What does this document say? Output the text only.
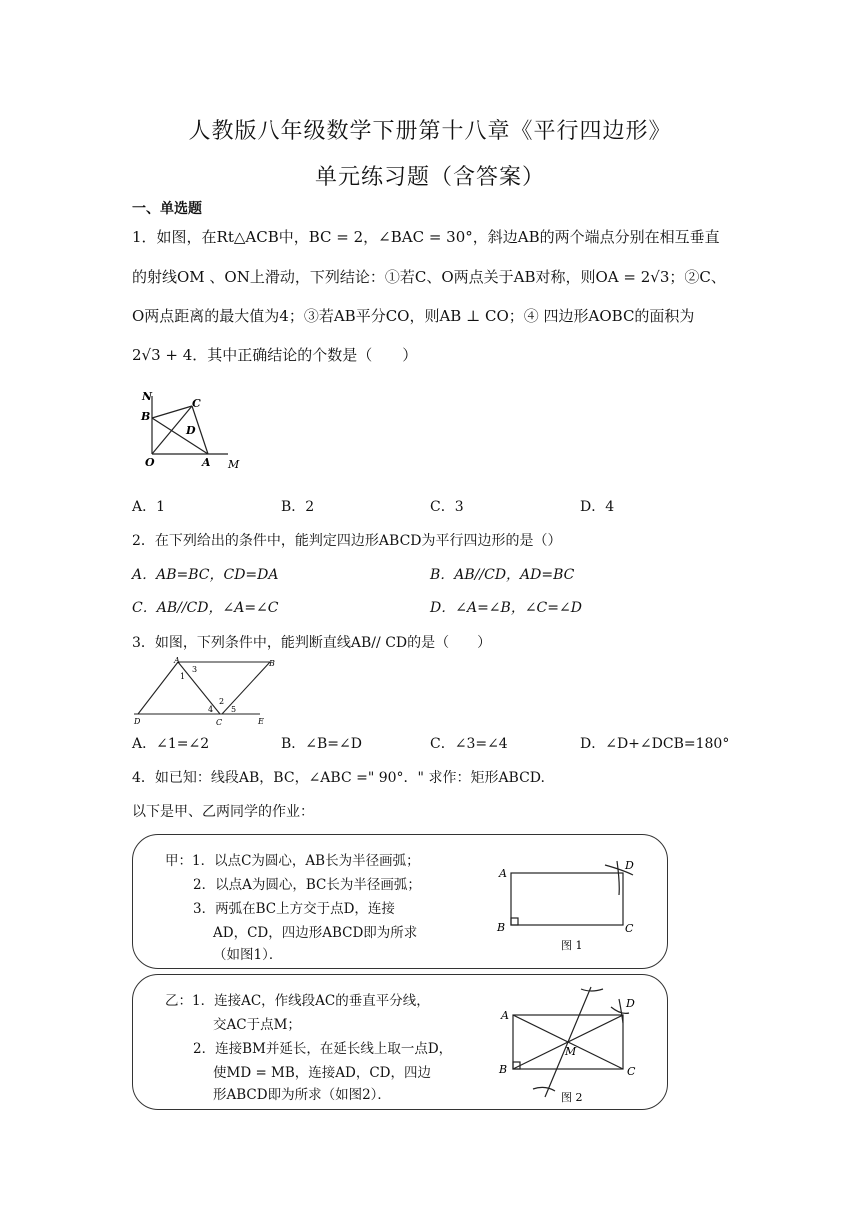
人教版八年级数学下册第十八章《平行四边形》
单元练习题（含答案）
一、单选题
1．如图，在Rt△ACB中，BC = 2，∠BAC = 30°，斜边AB的两个端点分别在相互垂直
的射线OM 、ON上滑动，下列结论：①若C、O两点关于AB对称，则OA = 2√3；②C、
O两点距离的最大值为4；③若AB平分CO，则AB ⊥ CO；④ 四边形AOBC的面积为
2√3 + 4．其中正确结论的个数是（　　）
N
B
C
D
O	A M
A．1	B．2	C．3	D．4
2．在下列给出的条件中，能判定四边形ABCD为平行四边形的是（）
A．AB=BC，CD=DA	B．AB//CD，AD=BC
C．AB//CD，∠A=∠C	D．∠A=∠B，∠C=∠D
3．如图，下列条件中，能判断直线AB// CD的是（　　）
A	B
3
1
2
4 5
D	C	E
A．∠1=∠2	B．∠B=∠D	C．∠3=∠4	D．∠D+∠DCB=180°
4．如已知：线段AB，BC，∠ABC =" 90°．" 求作：矩形ABCD.
以下是甲、乙两同学的作业：
甲：1．以点C为圆心，AB长为半径画弧；
2．以点A为圆心，BC长为半径画弧；
3．两弧在BC上方交于点D，连接
AD，CD，四边形ABCD即为所求
（如图1）．
A
D
B	C
图 1
乙：1．连接AC，作线段AC的垂直平分线，
交AC于点M；
2．连接BM并延长，在延长线上取一点D，
使MD = MB，连接AD，CD，四边
形ABCD即为所求（如图2）．
A
D
M
B	C
图 2
